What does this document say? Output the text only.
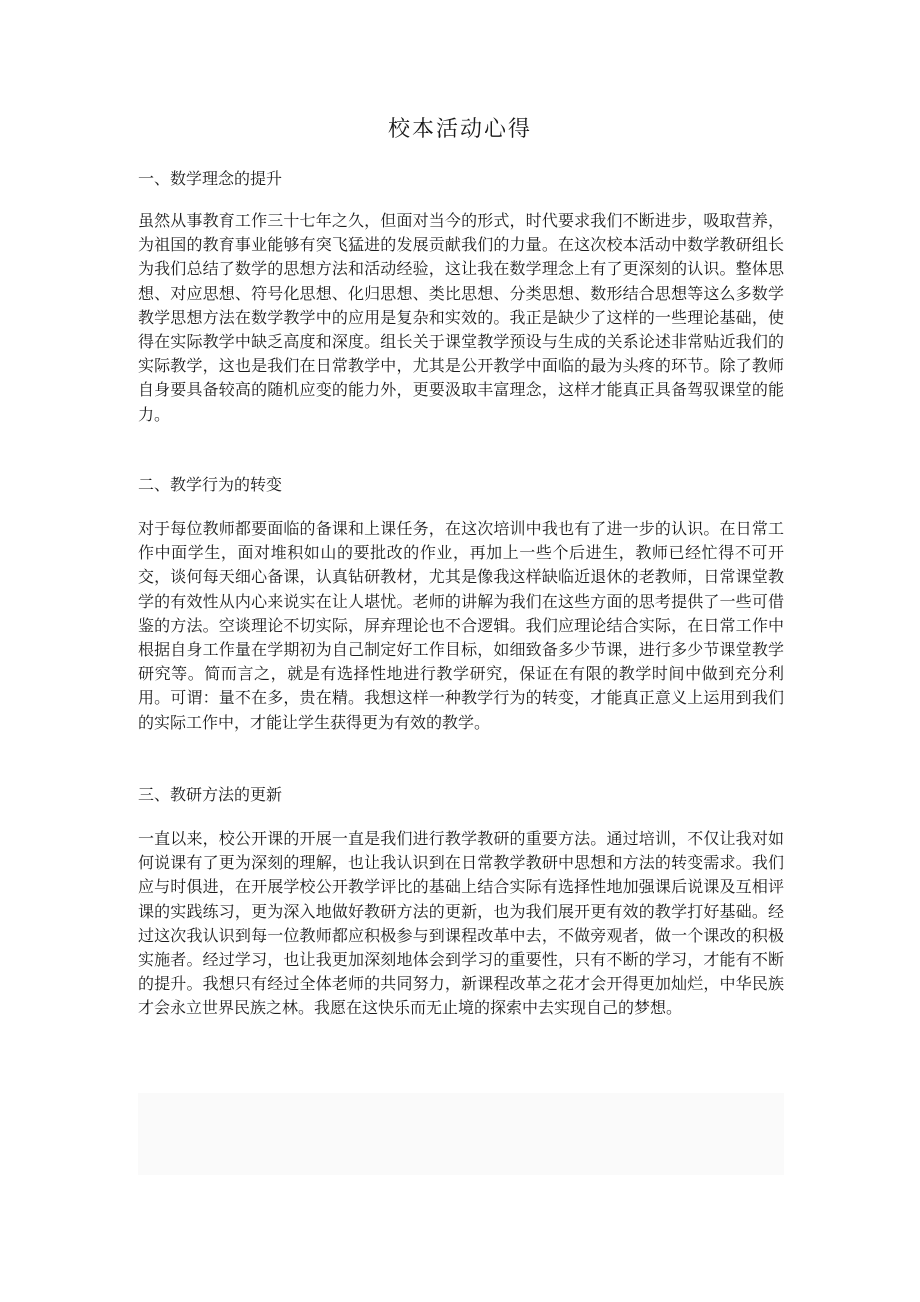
校本活动心得
一、数学理念的提升

虽然从事教育工作三十七年之久，但面对当今的形式，时代要求我们不断进步，吸取营养，为祖国的教育事业能够有突飞猛进的发展贡献我们的力量。在这次校本活动中数学教研组长为我们总结了数学的思想方法和活动经验，这让我在数学理念上有了更深刻的认识。整体思想、对应思想、符号化思想、化归思想、类比思想、分类思想、数形结合思想等这么多数学教学思想方法在数学教学中的应用是复杂和实效的。我正是缺少了这样的一些理论基础，使得在实际教学中缺乏高度和深度。组长关于课堂教学预设与生成的关系论述非常贴近我们的实际教学，这也是我们在日常教学中，尤其是公开教学中面临的最为头疼的环节。除了教师自身要具备较高的随机应变的能力外，更要汲取丰富理念，这样才能真正具备驾驭课堂的能力。

二、教学行为的转变

对于每位教师都要面临的备课和上课任务，在这次培训中我也有了进一步的认识。在日常工作中面学生，面对堆积如山的要批改的作业，再加上一些个后进生，教师已经忙得不可开交，谈何每天细心备课，认真钻研教材，尤其是像我这样缺临近退休的老教师，日常课堂教学的有效性从内心来说实在让人堪忧。老师的讲解为我们在这些方面的思考提供了一些可借鉴的方法。空谈理论不切实际，屏弃理论也不合逻辑。我们应理论结合实际，在日常工作中根据自身工作量在学期初为自己制定好工作目标，如细致备多少节课，进行多少节课堂教学研究等。简而言之，就是有选择性地进行教学研究，保证在有限的教学时间中做到充分利用。可谓：量不在多，贵在精。我想这样一种教学行为的转变，才能真正意义上运用到我们的实际工作中，才能让学生获得更为有效的教学。

三、教研方法的更新

一直以来，校公开课的开展一直是我们进行教学教研的重要方法。通过培训，不仅让我对如何说课有了更为深刻的理解，也让我认识到在日常教学教研中思想和方法的转变需求。我们应与时俱进，在开展学校公开教学评比的基础上结合实际有选择性地加强课后说课及互相评课的实践练习，更为深入地做好教研方法的更新，也为我们展开更有效的教学打好基础。经过这次我认识到每一位教师都应积极参与到课程改革中去，不做旁观者，做一个课改的积极实施者。经过学习，也让我更加深刻地体会到学习的重要性，只有不断的学习，才能有不断的提升。我想只有经过全体老师的共同努力，新课程改革之花才会开得更加灿烂，中华民族才会永立世界民族之林。我愿在这快乐而无止境的探索中去实现自己的梦想。
